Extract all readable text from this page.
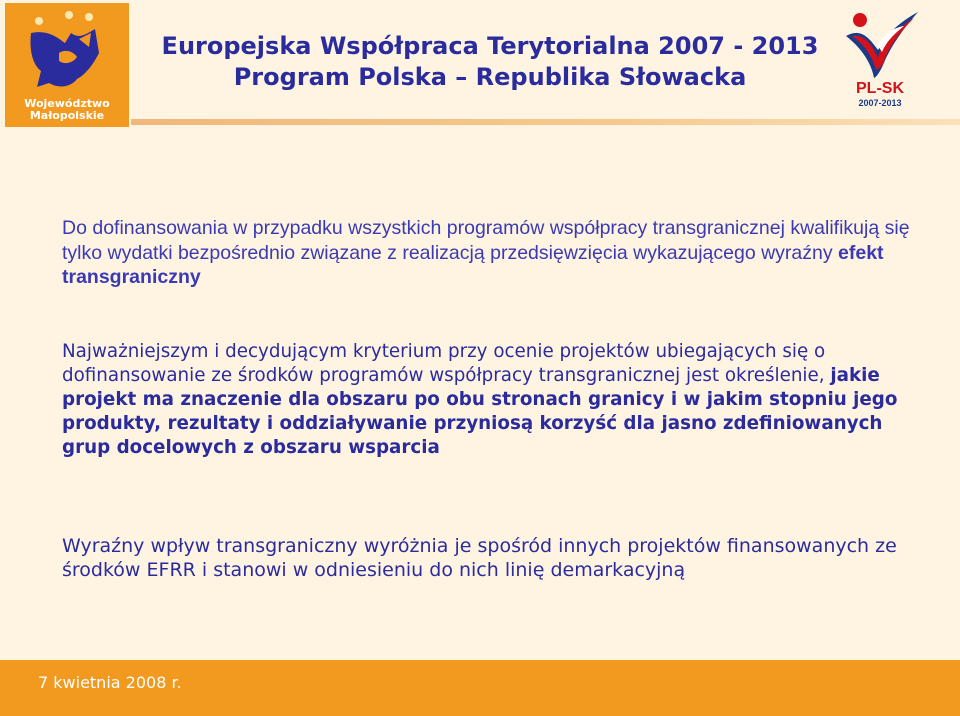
Województwo
Małopolskie
Europejska Współpraca Terytorialna 2007 - 2013
Program Polska – Republika Słowacka	PL-SK
2007-2013

Do dofinansowania w przypadku wszystkich programów współpracy transgranicznej kwalifikują się tylko wydatki bezpośrednio związane z realizacją przedsięwzięcia wykazującego wyraźny efekt transgraniczny

Najważniejszym i decydującym kryterium przy ocenie projektów ubiegających się o dofinansowanie ze środków programów współpracy transgranicznej jest określenie, jakie projekt ma znaczenie dla obszaru po obu stronach granicy i w jakim stopniu jego produkty, rezultaty i oddziaływanie przyniosą korzyść dla jasno zdefiniowanych grup docelowych z obszaru wsparcia

Wyraźny wpływ transgraniczny wyróżnia je spośród innych projektów finansowanych ze środków EFRR i stanowi w odniesieniu do nich linię demarkacyjną

7 kwietnia 2008 r.
